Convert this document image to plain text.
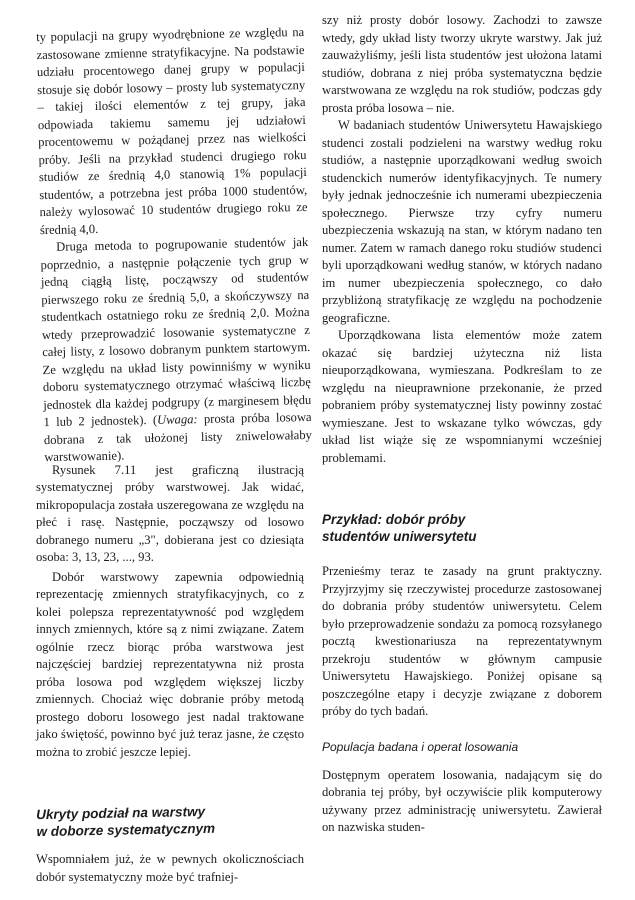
ty populacji na grupy wyodrębnione ze względu na zastosowane zmienne stratyfikacyjne. Na podstawie udziału procentowego danej grupy w populacji stosuje się dobór losowy – prosty lub systematyczny – takiej ilości elementów z tej grupy, jaka odpowiada takiemu samemu jej udziałowi procentowemu w pożądanej przez nas wielkości próby. Jeśli na przykład studenci drugiego roku studiów ze średnią 4,0 stanowią 1% populacji studentów, a potrzebna jest próba 1000 studentów, należy wylosować 10 studentów drugiego roku ze średnią 4,0.

Druga metoda to pogrupowanie studentów jak poprzednio, a następnie połączenie tych grup w jedną ciągłą listę, począwszy od studentów pierwszego roku ze średnią 5,0, a skończywszy na studentkach ostatniego roku ze średnią 2,0. Można wtedy przeprowadzić losowanie systematyczne z całej listy, z losowo dobranym punktem startowym. Ze względu na układ listy powinniśmy w wyniku doboru systematycznego otrzymać właściwą liczbę jednostek dla każdej podgrupy (z marginesem błędu 1 lub 2 jednostek). (Uwaga: prosta próba losowa dobrana z tak ułożonej listy zniwelowałaby warstwowanie).

Rysunek 7.11 jest graficzną ilustracją systematycznej próby warstwowej. Jak widać, mikropopulacja została uszeregowana ze względu na płeć i rasę. Następnie, począwszy od losowo dobranego numeru „3", dobierana jest co dziesiąta osoba: 3, 13, 23, ..., 93.

Dobór warstwowy zapewnia odpowiednią reprezentację zmiennych stratyfikacyjnych, co z kolei polepsza reprezentatywność pod względem innych zmiennych, które są z nimi związane. Zatem ogólnie rzecz biorąc próba warstwowa jest najczęściej bardziej reprezentatywna niż prosta próba losowa pod względem większej liczby zmiennych. Chociaż więc dobranie próby metodą prostego doboru losowego jest nadal traktowane jako świętość, powinno być już teraz jasne, że często można to zrobić jeszcze lepiej.

Ukryty podział na warstwy
w doborze systematycznym

Wspomniałem już, że w pewnych okolicznościach dobór systematyczny może być trafniej-

szy niż prosty dobór losowy. Zachodzi to zawsze wtedy, gdy układ listy tworzy ukryte warstwy. Jak już zauważyliśmy, jeśli lista studentów jest ułożona latami studiów, dobrana z niej próba systematyczna będzie warstwowana ze względu na rok studiów, podczas gdy prosta próba losowa – nie.

W badaniach studentów Uniwersytetu Hawajskiego studenci zostali podzieleni na warstwy według roku studiów, a następnie uporządkowani według swoich studenckich numerów identyfikacyjnych. Te numery były jednak jednocześnie ich numerami ubezpieczenia społecznego. Pierwsze trzy cyfry numeru ubezpieczenia wskazują na stan, w którym nadano ten numer. Zatem w ramach danego roku studiów studenci byli uporządkowani według stanów, w których nadano im numer ubezpieczenia społecznego, co dało przybliżoną stratyfikację ze względu na pochodzenie geograficzne.

Uporządkowana lista elementów może zatem okazać się bardziej użyteczna niż lista nieuporządkowana, wymieszana. Podkreślam to ze względu na nieuprawnione przekonanie, że przed pobraniem próby systematycznej listy powinny zostać wymieszane. Jest to wskazane tylko wówczas, gdy układ list wiąże się ze wspomnianymi wcześniej problemami.

Przykład: dobór próby
studentów uniwersytetu

Przenieśmy teraz te zasady na grunt praktyczny. Przyjrzyjmy się rzeczywistej procedurze zastosowanej do dobrania próby studentów uniwersytetu. Celem było przeprowadzenie sondażu za pomocą rozsyłanego pocztą kwestionariusza na reprezentatywnym przekroju studentów w głównym campusie Uniwersytetu Hawajskiego. Poniżej opisane są poszczególne etapy i decyzje związane z doborem próby do tych badań.

Populacja badana i operat losowania

Dostępnym operatem losowania, nadającym się do dobrania tej próby, był oczywiście plik komputerowy używany przez administrację uniwersytetu. Zawierał on nazwiska studen-
